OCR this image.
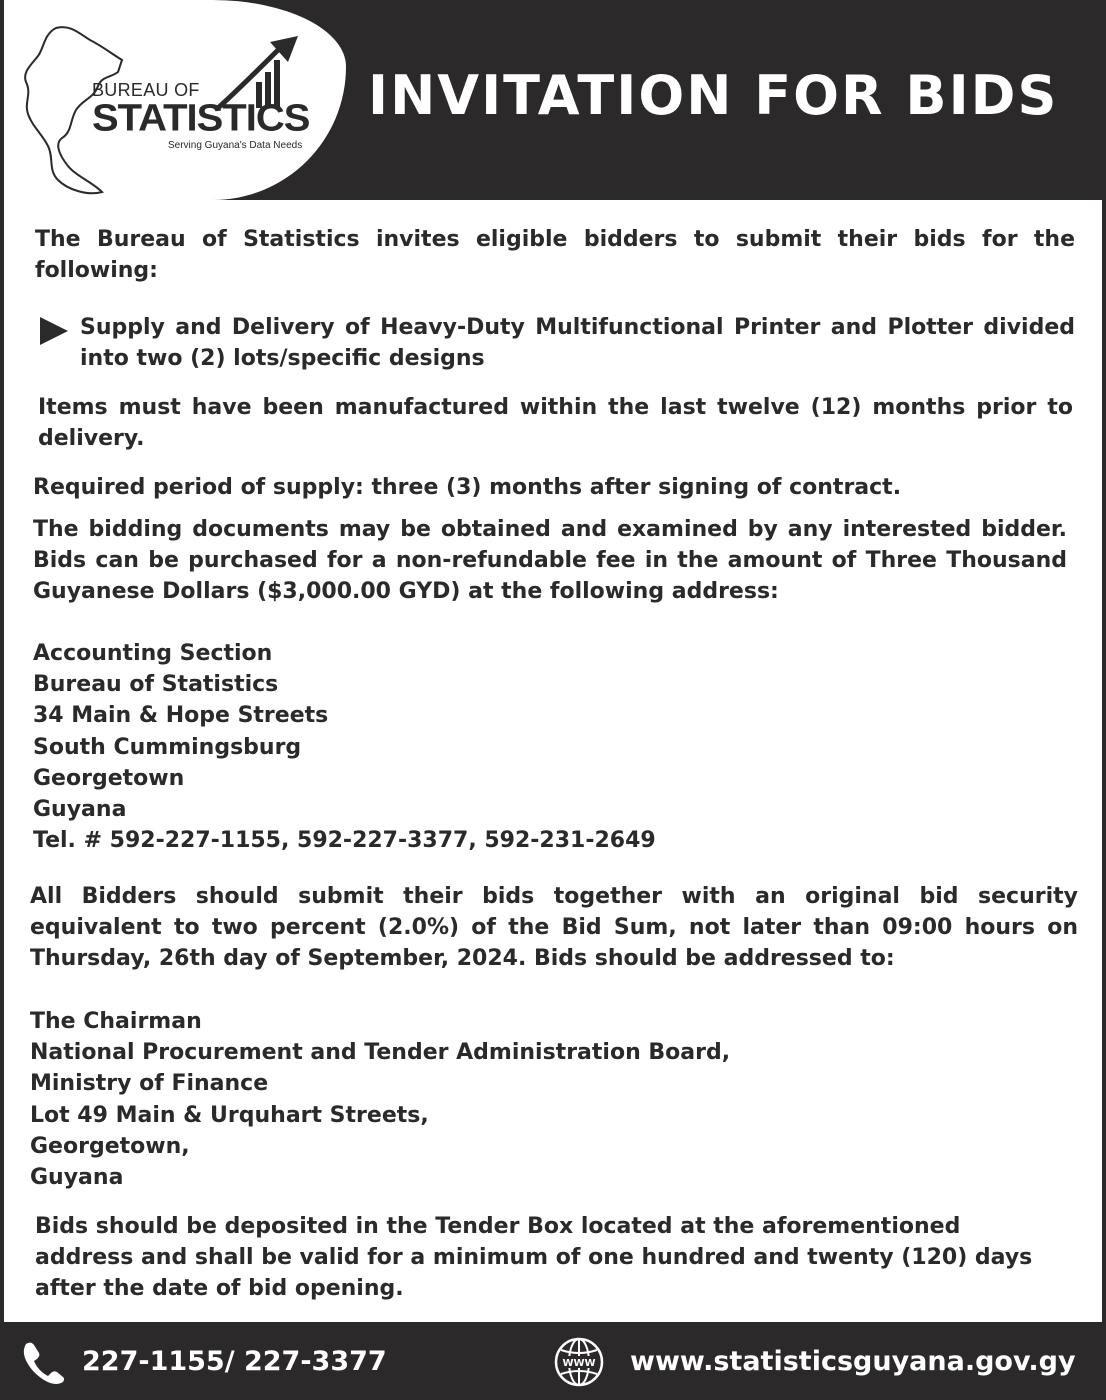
BUREAU OF
STATISTICS
Serving Guyana's Data Needs
INVITATION FOR BIDS

The Bureau of Statistics invites eligible bidders to submit their bids for the following:

Supply and Delivery of Heavy-Duty Multifunctional Printer and Plotter divided into two (2) lots/specific designs

Items must have been manufactured within the last twelve (12) months prior to delivery.

Required period of supply: three (3) months after signing of contract.

The bidding documents may be obtained and examined by any interested bidder. Bids can be purchased for a non-refundable fee in the amount of Three Thousand Guyanese Dollars ($3,000.00 GYD) at the following address:

Accounting Section
Bureau of Statistics
34 Main & Hope Streets
South Cummingsburg
Georgetown
Guyana
Tel. # 592-227-1155, 592-227-3377, 592-231-2649

All Bidders should submit their bids together with an original bid security equivalent to two percent (2.0%) of the Bid Sum, not later than 09:00 hours on Thursday, 26th day of September, 2024. Bids should be addressed to:

The Chairman
National Procurement and Tender Administration Board,
Ministry of Finance
Lot 49 Main & Urquhart Streets,
Georgetown,
Guyana

Bids should be deposited in the Tender Box located at the aforementioned address and shall be valid for a minimum of one hundred and twenty (120) days after the date of bid opening.

227-1155/ 227-3377	WWW www.statisticsguyana.gov.gy
